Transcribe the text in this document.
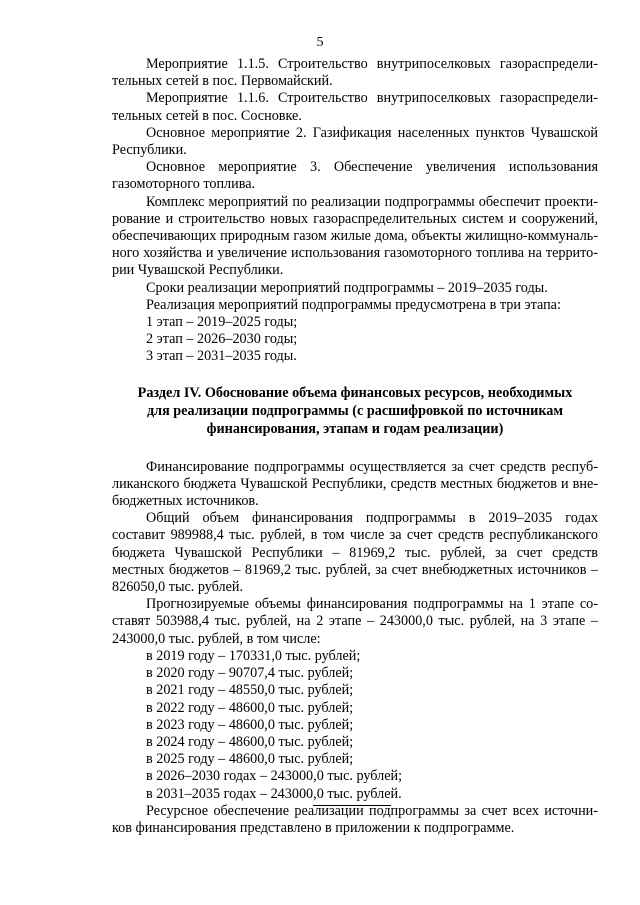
5

Мероприятие 1.1.5. Строительство внутрипоселковых газораспределительных сетей в пос. Первомайский.

Мероприятие 1.1.6. Строительство внутрипоселковых газораспределительных сетей в пос. Сосновке.

Основное мероприятие 2. Газификация населенных пунктов Чувашской Республики.

Основное мероприятие 3. Обеспечение увеличения использования газомоторного топлива.

Комплекс мероприятий по реализации подпрограммы обеспечит проектирование и строительство новых газораспределительных систем и сооружений, обеспечивающих природным газом жилые дома, объекты жилищно-коммунального хозяйства и увеличение использования газомоторного топлива на территории Чувашской Республики.

Сроки реализации мероприятий подпрограммы – 2019–2035 годы.

Реализация мероприятий подпрограммы предусмотрена в три этапа:

1 этап – 2019–2025 годы;

2 этап – 2026–2030 годы;

3 этап – 2031–2035 годы.

Раздел IV. Обоснование объема финансовых ресурсов, необходимых
для реализации подпрограммы (с расшифровкой по источникам
финансирования, этапам и годам реализации)

Финансирование подпрограммы осуществляется за счет средств республиканского бюджета Чувашской Республики, средств местных бюджетов и внебюджетных источников.

Общий объем финансирования подпрограммы в 2019–2035 годах составит 989988,4 тыс. рублей, в том числе за счет средств республиканского бюджета Чувашской Республики – 81969,2 тыс. рублей, за счет средств местных бюджетов – 81969,2 тыс. рублей, за счет внебюджетных источников – 826050,0 тыс. рублей.

Прогнозируемые объемы финансирования подпрограммы на 1 этапе составят 503988,4 тыс. рублей, на 2 этапе – 243000,0 тыс. рублей, на 3 этапе – 243000,0 тыс. рублей, в том числе:

в 2019 году – 170331,0 тыс. рублей;

в 2020 году – 90707,4 тыс. рублей;

в 2021 году – 48550,0 тыс. рублей;

в 2022 году – 48600,0 тыс. рублей;

в 2023 году – 48600,0 тыс. рублей;

в 2024 году – 48600,0 тыс. рублей;

в 2025 году – 48600,0 тыс. рублей;

в 2026–2030 годах – 243000,0 тыс. рублей;

в 2031–2035 годах – 243000,0 тыс. рублей.

Ресурсное обеспечение реализации подпрограммы за счет всех источников финансирования представлено в приложении к подпрограмме.
